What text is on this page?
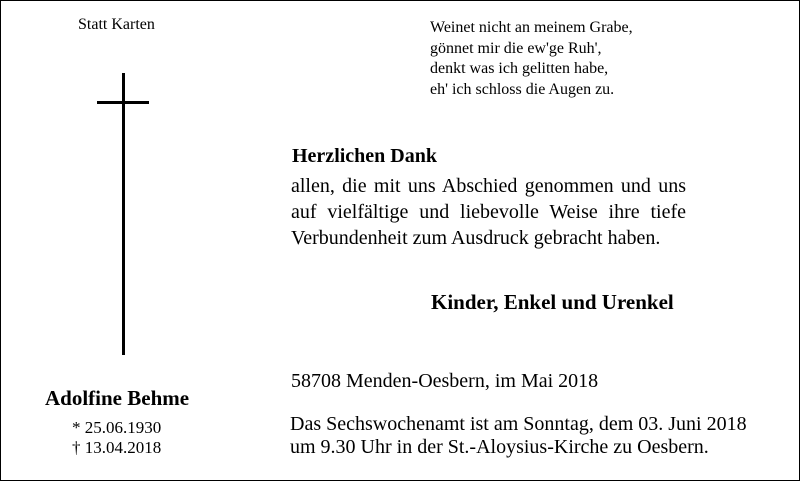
Statt Karten	Weinet nicht an meinem Grabe,
gönnet mir die ew'ge Ruh',
denkt was ich gelitten habe,
eh' ich schloss die Augen zu.
Herzlichen Dank
allen, die mit uns Abschied genommen und uns
auf vielfältige und liebevolle Weise ihre tiefe
Verbundenheit zum Ausdruck gebracht haben.
Kinder, Enkel und Urenkel
Adolfine Behme
* 25.06.1930
† 13.04.2018
58708 Menden-Oesbern, im Mai 2018
Das Sechswochenamt ist am Sonntag, dem 03. Juni 2018
um 9.30 Uhr in der St.-Aloysius-Kirche zu Oesbern.
